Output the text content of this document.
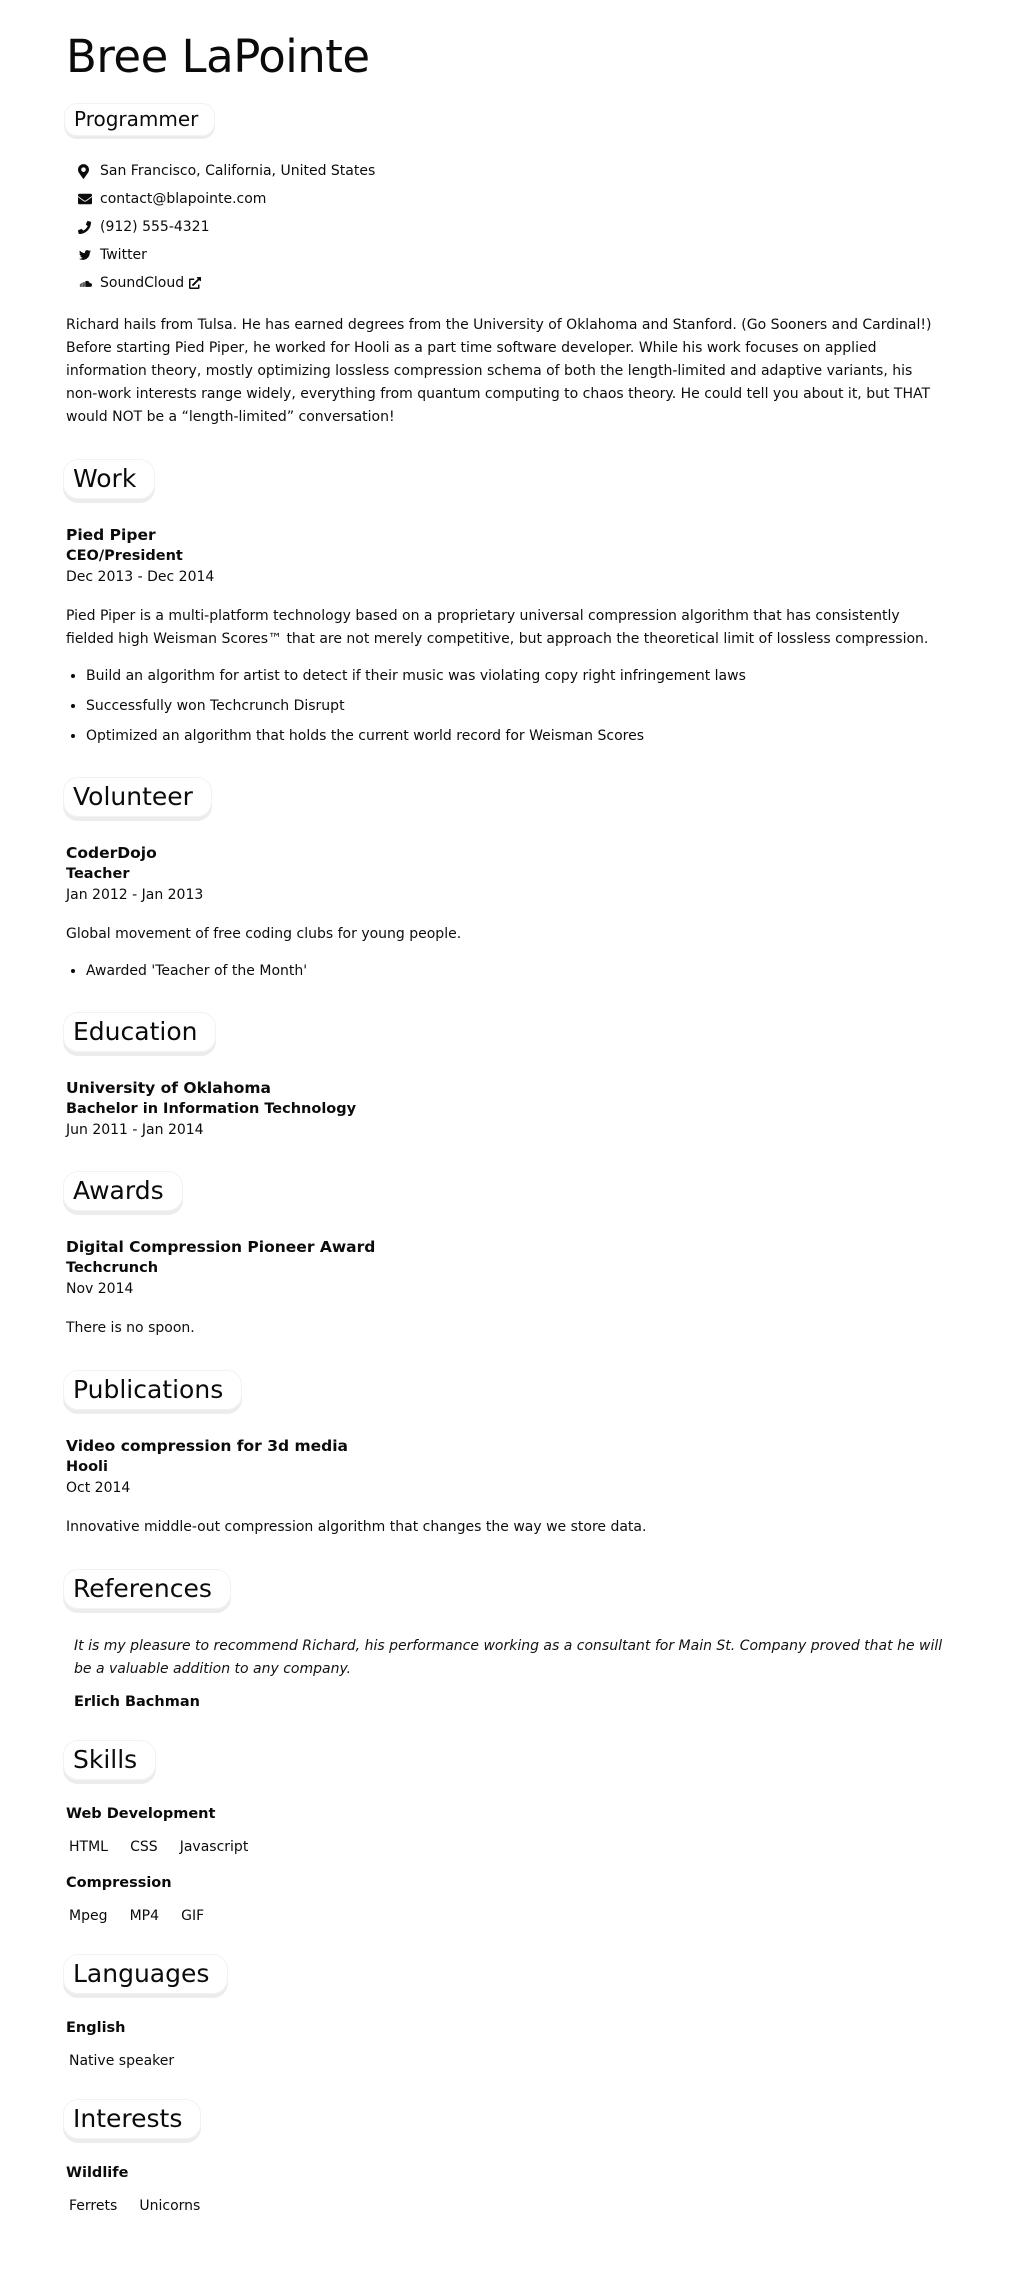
Bree LaPointe
Programmer
San Francisco, California, United States
contact@blapointe.com
(912) 555-4321
Twitter
SoundCloud

Richard hails from Tulsa. He has earned degrees from the University of Oklahoma and Stanford. (Go Sooners and Cardinal!) Before starting Pied Piper, he worked for Hooli as a part time software developer. While his work focuses on applied information theory, mostly optimizing lossless compression schema of both the length-limited and adaptive variants, his non-work interests range widely, everything from quantum computing to chaos theory. He could tell you about it, but THAT would NOT be a “length-limited” conversation!

Work
Pied Piper
CEO/President
Dec 2013 - Dec 2014

Pied Piper is a multi-platform technology based on a proprietary universal compression algorithm that has consistently fielded high Weisman Scores™ that are not merely competitive, but approach the theoretical limit of lossless compression.

• Build an algorithm for artist to detect if their music was violating copy right infringement laws
• Successfully won Techcrunch Disrupt
• Optimized an algorithm that holds the current world record for Weisman Scores
Volunteer
CoderDojo
Teacher
Jan 2012 - Jan 2013

Global movement of free coding clubs for young people.

• Awarded 'Teacher of the Month'
Education
University of Oklahoma
Bachelor in Information Technology
Jun 2011 - Jan 2014
Awards
Digital Compression Pioneer Award
Techcrunch
Nov 2014

There is no spoon.

Publications
Video compression for 3d media
Hooli
Oct 2014

Innovative middle-out compression algorithm that changes the way we store data.

References
It is my pleasure to recommend Richard, his performance working as a consultant for Main St. Company proved that he will be a valuable addition to any company.
Erlich Bachman
Skills
Web Development
HTML CSS Javascript
Compression
Mpeg MP4 GIF
Languages
English
Native speaker
Interests
Wildlife
Ferrets Unicorns
